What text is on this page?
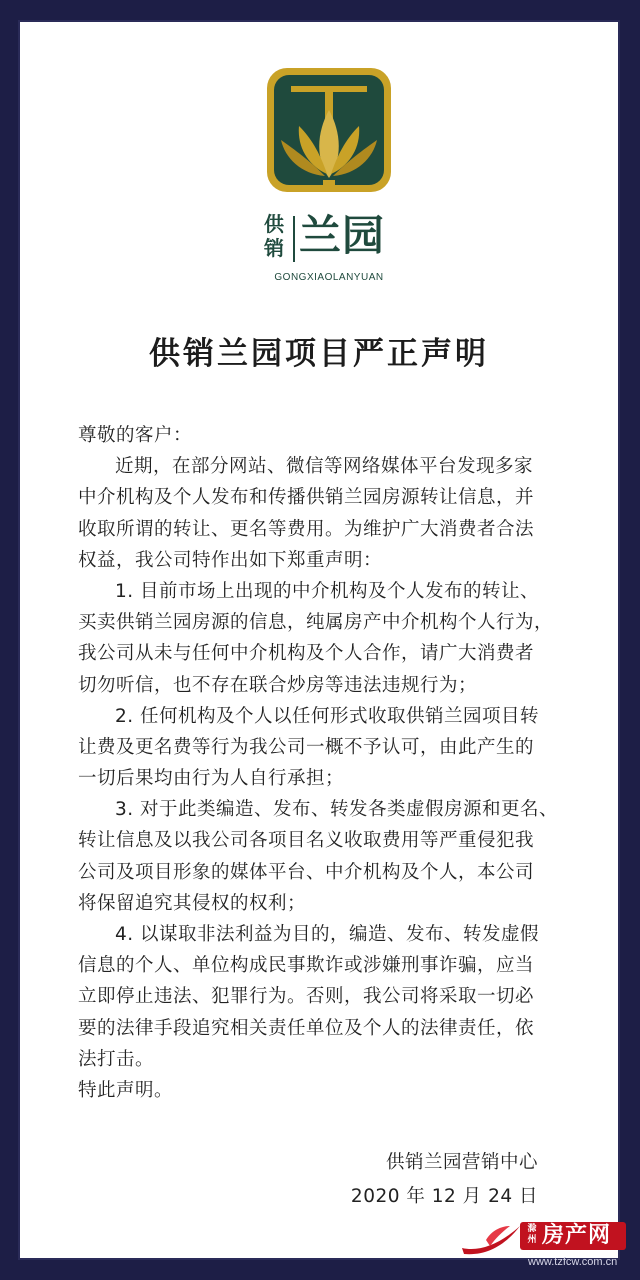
供
销 兰园
GONGXIAOLANYUAN
供销兰园项目严正声明
尊敬的客户：
近期，在部分网站、微信等网络媒体平台发现多家
中介机构及个人发布和传播供销兰园房源转让信息，并
收取所谓的转让、更名等费用。为维护广大消费者合法
权益，我公司特作出如下郑重声明：
1. 目前市场上出现的中介机构及个人发布的转让、
买卖供销兰园房源的信息，纯属房产中介机构个人行为，
我公司从未与任何中介机构及个人合作，请广大消费者
切勿听信，也不存在联合炒房等违法违规行为；
2. 任何机构及个人以任何形式收取供销兰园项目转
让费及更名费等行为我公司一概不予认可，由此产生的
一切后果均由行为人自行承担；
3. 对于此类编造、发布、转发各类虚假房源和更名、
转让信息及以我公司各项目名义收取费用等严重侵犯我
公司及项目形象的媒体平台、中介机构及个人，本公司
将保留追究其侵权的权利；
4. 以谋取非法利益为目的，编造、发布、转发虚假
信息的个人、单位构成民事欺诈或涉嫌刑事诈骗，应当
立即停止违法、犯罪行为。否则，我公司将采取一切必
要的法律手段追究相关责任单位及个人的法律责任，依
法打击。
特此声明。
供销兰园营销中心
2020 年 12 月 24 日
滁州 房产网
www.tzfcw.com.cn
